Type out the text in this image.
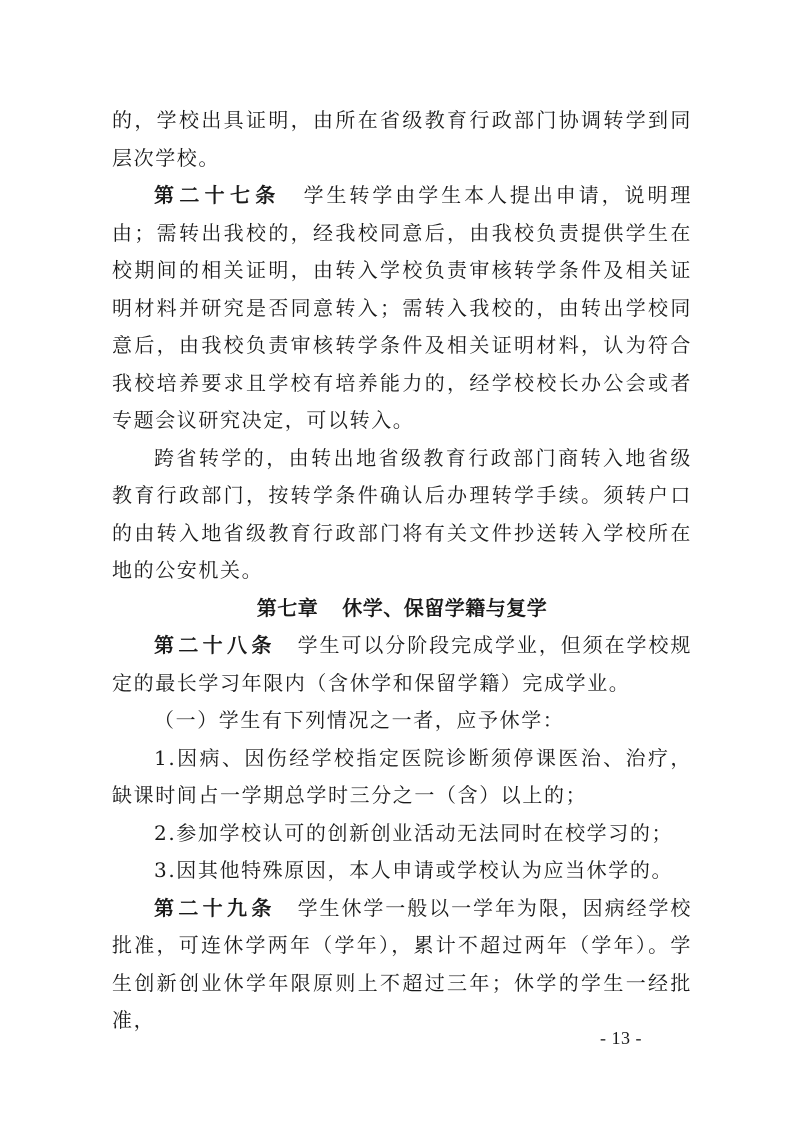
的，学校出具证明，由所在省级教育行政部门协调转学到同层次学校。

第二十七条　 学生转学由学生本人提出申请，说明理由；需转出我校的，经我校同意后，由我校负责提供学生在校期间的相关证明，由转入学校负责审核转学条件及相关证明材料并研究是否同意转入；需转入我校的，由转出学校同意后，由我校负责审核转学条件及相关证明材料，认为符合我校培养要求且学校有培养能力的，经学校校长办公会或者专题会议研究决定，可以转入。

跨省转学的，由转出地省级教育行政部门商转入地省级教育行政部门，按转学条件确认后办理转学手续。须转户口的由转入地省级教育行政部门将有关文件抄送转入学校所在地的公安机关。

第七章 休学、保留学籍与复学

第二十八条　 学生可以分阶段完成学业，但须在学校规定的最长学习年限内（含休学和保留学籍）完成学业。

（一）学生有下列情况之一者，应予休学：

1.因病、因伤经学校指定医院诊断须停课医治、治疗，缺课时间占一学期总学时三分之一（含）以上的；

2.参加学校认可的创新创业活动无法同时在校学习的；

3.因其他特殊原因，本人申请或学校认为应当休学的。

第二十九条　 学生休学一般以一学年为限，因病经学校批准，可连休学两年（学年），累计不超过两年（学年）。学生创新创业休学年限原则上不超过三年；休学的学生一经批准，

- 13 -
